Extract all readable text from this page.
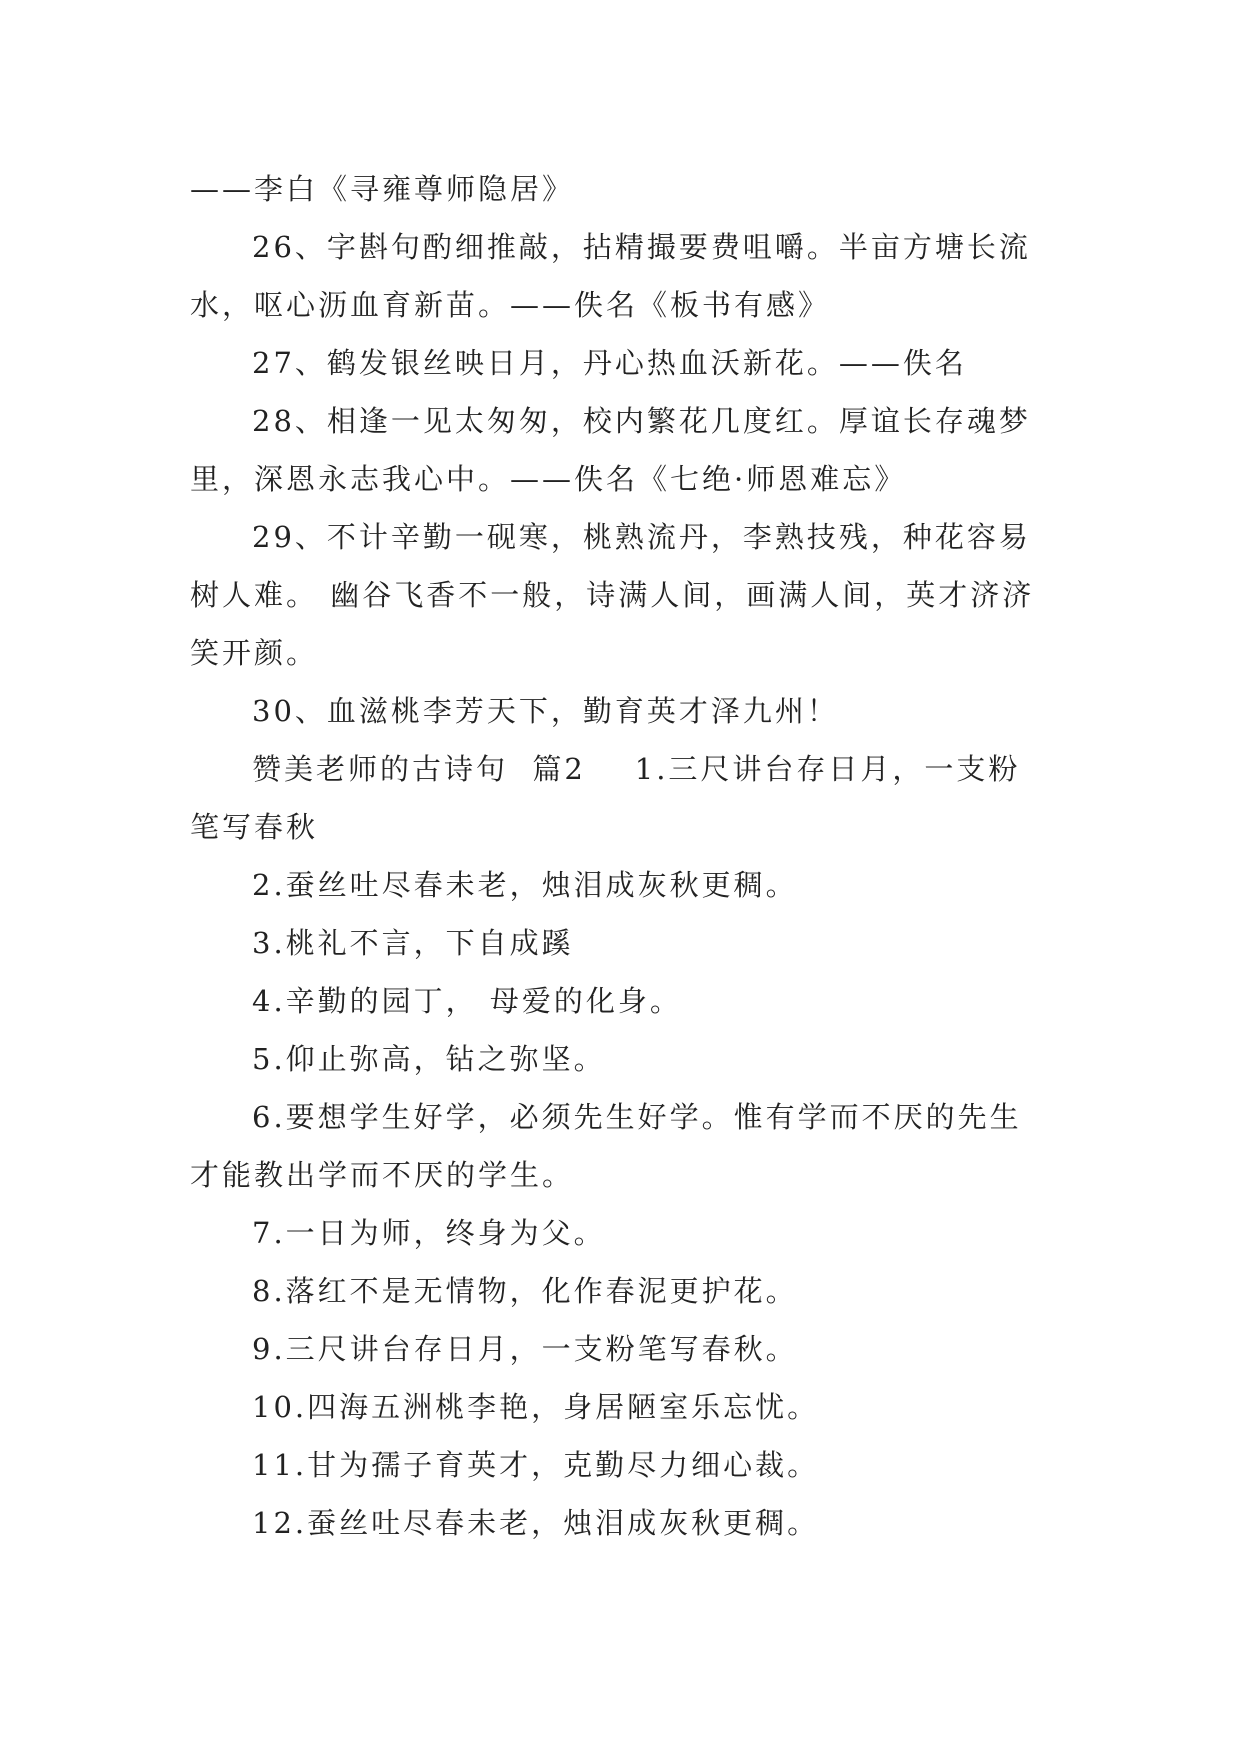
——李白《寻雍尊师隐居》

26、字斟句酌细推敲，拈精撮要费咀嚼。半亩方塘长流水，呕心沥血育新苗。——佚名《板书有感》

27、鹤发银丝映日月，丹心热血沃新花。——佚名

28、相逢一见太匆匆，校内繁花几度红。厚谊长存魂梦里，深恩永志我心中。——佚名《七绝·师恩难忘》

29、不计辛勤一砚寒，桃熟流丹，李熟技残，种花容易树人难。 幽谷飞香不一般，诗满人间，画满人间，英才济济笑开颜。

30、血滋桃李芳天下，勤育英才泽九州！

赞美老师的古诗句  篇2    1.三尺讲台存日月，一支粉笔写春秋

2.蚕丝吐尽春未老，烛泪成灰秋更稠。

3.桃礼不言，下自成蹊

4.辛勤的园丁， 母爱的化身。

5.仰止弥高，钻之弥坚。

6.要想学生好学，必须先生好学。惟有学而不厌的先生才能教出学而不厌的学生。

7.一日为师，终身为父。

8.落红不是无情物，化作春泥更护花。

9.三尺讲台存日月，一支粉笔写春秋。

10.四海五洲桃李艳，身居陋室乐忘忧。

11.甘为孺子育英才，克勤尽力细心裁。

12.蚕丝吐尽春未老，烛泪成灰秋更稠。
